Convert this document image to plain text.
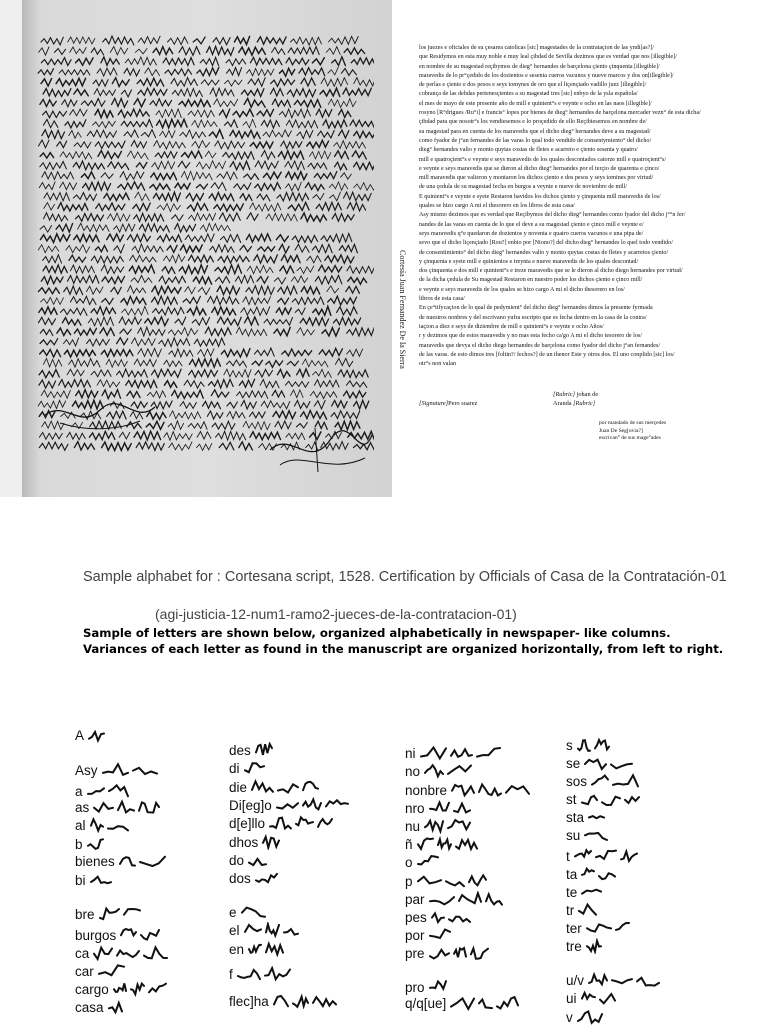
Cortesía Juan Fernandez De la Sierra
los juezes e oficiales de su çesarea catolicas [sic] magestades de la contrataçion de las yndi[as?]/
que Residymos en esta muy noble e muy leal çibdad de Sevilla dezimos que es verdad que nos [illegible]/
en nombre de su magestad reçibymos de dieg° hernandes de barçelona çiento çinquenta [illegible]/
maravedis de lo pr°çedido de los dozientos e sesenta cueros vacunos y nueve marcos y dos on[illegible]/
de perlas e çiento e dos pesos e seys tomynes de oro que el liçençiado vadillo juez [illegible]/
cobrança de las debdas pertenesçientes a su magestad tres [sic] enbyo de la ysla española/
el mes de mayo de este presente año de mill e quinient°s e veynte e ocho en las naos [illegible]/
rosyno [R°drigues /Ru°i] e francis° lopes por bienes de dieg° hernandes de barçelona mercader vezn° de esta dicha/
çibdad para que nosotr°s los vendiesemos e lo proçedido de ello Reçibiesemos en nombre de/
su magestad para en cuenta de los maravedis que el dicho dieg° hernandes deve a su magestad/
como fyador de j°an fernandes de las varas lo qual todo vendido de consentymiento° del dicho/
dieg° hernandes valio y monto quytas costas de fletes e acarreto e çiento sesenta y quatro/
mill e quatroçient°s e veynte e seys maravedis de los quales descontados catorze mill e quatroçient°s/
e veynte e seys maravedis que se dieron al dicho dieg° hernandes por el terçio de quarenta e çinco/
mill maravedis que valieron y montaron los dichos çiento e dos pesos y seys tomines por virtud/
de una çedula de su magestad fecha en burgos a veynte e nueve de novienbre de mill/
E quinient°s e veynte e syete Restaron havidos los dichos çiento y çinquenta mill maravedis de los/
quales se hizo cargo A mi el thesorero en los libros de esta casa/
Asy mismo dezimos que es verdad que Reçibymos del dicho dieg° hernandes como fyador del dicho j°°n fer/
nandes de las varas en cuenta de lo que el deve a su magestad çiento e çinco mill e veynte e/
seys maravedis q°e quedaron de dozientos y noventa e quatro cueros vacunos e una pipa de/
sevo que el dicho liçençiado [Rou?] enbio por [Ntono?] del dicho dieg° hernandes lo quel todo vendido/
de consentimiento° del dicho dieg° hernandes valio y monto quytas costas de fletes y acarretos çiento/
y çinquenta e syete mill e quinientos e treynta e nueve maravedis de los quales descontad/
dos çinquenta e dos mill e quinient°s e treze maravedis que se le dieron al dicho diego hernandes por virtud/
de la dicha çedula de Su magestad Restaron en nuestro poder los dichos çiento e çinco mill/
e veynte e seys maravedis de los quales se hizo cargo A mi el dicho thesorero en los/
libros de esta casa/
En çe°tifycaçion de lo qual de pedymient° del dicho dieg° hernandes dimos la presente fyrmada
de nuestros nonbres y del escrivano yufra escripto que es fecha dentro en la casa de la contra/
taçion a diez e seys de diziembre de mill e quinient°s e veynte e ocho Años/
r y dezimos que de estos maravedis y no mas esta fecho ca'go A mi el dicho tesorero de los/
maravedis que devya el dicho diego hernandes de barçelona como fyador del dicho j°an fernandes/
de las varas. de esto dimos tres [foltin?/ fechos?] de un thenor Este y otros dos. El uno conplido [sic] los/
otr°s non valan
[Rubric] johan de
Aranda [Rubric]
[Signature]Pero suarez
por mandado de sus merçedes
Juan De Seg[ovia?]
escrivan° de sus mage°ades
Sample alphabet for : Cortesana script, 1528. Certification by Officials of Casa de la Contratación-01
(agi-justicia-12-num1-ramo2-jueces-de-la-contratacion-01)
Sample of letters are shown below, organized alphabetically in newspaper- like columns. Variances of each letter as found in the manuscript are organized horizontally, from left to right.
A
Asy
a
as
al
b
bienes
bi
bre
burgos
ca
car
cargo
casa
des
di
die
Di[eg]o
d[e]llo
dhos
do
dos
e
el
en
f
flec]ha
ni
no
nonbre
nro
nu
ñ
o
p
par
pes
por
pre
pro
q/q[ue]
s
se
sos
st
sta
su
t
ta
te
tr
ter
tre
u/v
ui
v
